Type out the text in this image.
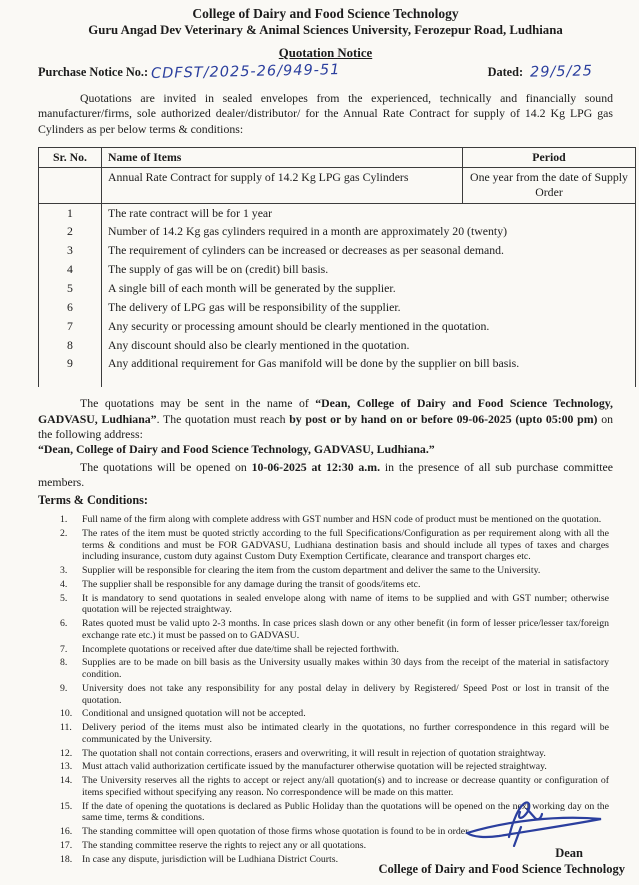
College of Dairy and Food Science Technology
Guru Angad Dev Veterinary & Animal Sciences University, Ferozepur Road, Ludhiana
Quotation Notice
Purchase Notice No.: CDFST/2025-26/949-51	Dated: 29/5/25
Quotations are invited in sealed envelopes from the experienced, technically and financially sound manufacturer/firms, sole authorized dealer/distributor/ for the Annual Rate Contract for supply of 14.2 Kg LPG gas Cylinders as per below terms & conditions:
Sr. No.	Name of Items	Period
	Annual Rate Contract for supply of 14.2 Kg LPG gas Cylinders	One year from the date of Supply Order
1	The rate contract will be for 1 year	
2	Number of 14.2 Kg gas cylinders required in a month are approximately 20 (twenty)	
3	The requirement of cylinders can be increased or decreases as per seasonal demand.	
4	The supply of gas will be on (credit) bill basis.	
5	A single bill of each month will be generated by the supplier.	
6	The delivery of LPG gas will be responsibility of the supplier.	
7	Any security or processing amount should be clearly mentioned in the quotation.	
8	Any discount should also be clearly mentioned in the quotation.	
9	Any additional requirement for Gas manifold will be done by the supplier on bill basis.	

The quotations may be sent in the name of “Dean, College of Dairy and Food Science Technology, GADVASU, Ludhiana”. The quotation must reach by post or by hand on or before 09-06-2025 (upto 05:00 pm) on the following address:
“Dean, College of Dairy and Food Science Technology, GADVASU, Ludhiana.”
The quotations will be opened on 10-06-2025 at 12:30 a.m. in the presence of all sub purchase committee members.
Terms & Conditions:
1.	Full name of the firm along with complete address with GST number and HSN code of product must be mentioned on the quotation.
2.	The rates of the item must be quoted strictly according to the full Specifications/Configuration as per requirement along with all the terms & conditions and must be FOR GADVASU, Ludhiana destination basis and should include all types of taxes and charges including insurance, custom duty against Custom Duty Exemption Certificate, clearance and transport charges etc.
3.	Supplier will be responsible for clearing the item from the custom department and deliver the same to the University.
4.	The supplier shall be responsible for any damage during the transit of goods/items etc.
5.	It is mandatory to send quotations in sealed envelope along with name of items to be supplied and with GST number; otherwise quotation will be rejected straightway.
6.	Rates quoted must be valid upto 2-3 months. In case prices slash down or any other benefit (in form of lesser price/lesser tax/foreign exchange rate etc.) it must be passed on to GADVASU.
7.	Incomplete quotations or received after due date/time shall be rejected forthwith.
8.	Supplies are to be made on bill basis as the University usually makes within 30 days from the receipt of the material in satisfactory condition.
9.	University does not take any responsibility for any postal delay in delivery by Registered/ Speed Post or lost in transit of the quotation.
10. Conditional and unsigned quotation will not be accepted.
11.	Delivery period of the items must also be intimated clearly in the quotations, no further correspondence in this regard will be communicated by the University.
12. The quotation shall not contain corrections, erasers and overwriting, it will result in rejection of quotation straightway.
13. Must attach valid authorization certificate issued by the manufacturer otherwise quotation will be rejected straightway.
14. The University reserves all the rights to accept or reject any/all quotation(s) and to increase or decrease quantity or configuration of items specified without specifying any reason. No correspondence will be made on this matter.
15. If the date of opening the quotations is declared as Public Holiday than the quotations will be opened on the next working day on the same time, terms & conditions.
16. The standing committee will open quotation of those firms whose quotation is found to be in order.
17. The standing committee reserve the rights to reject any or all quotations.
18. In case any dispute, jurisdiction will be Ludhiana District Courts.	Dean
College of Dairy and Food Science Technology
